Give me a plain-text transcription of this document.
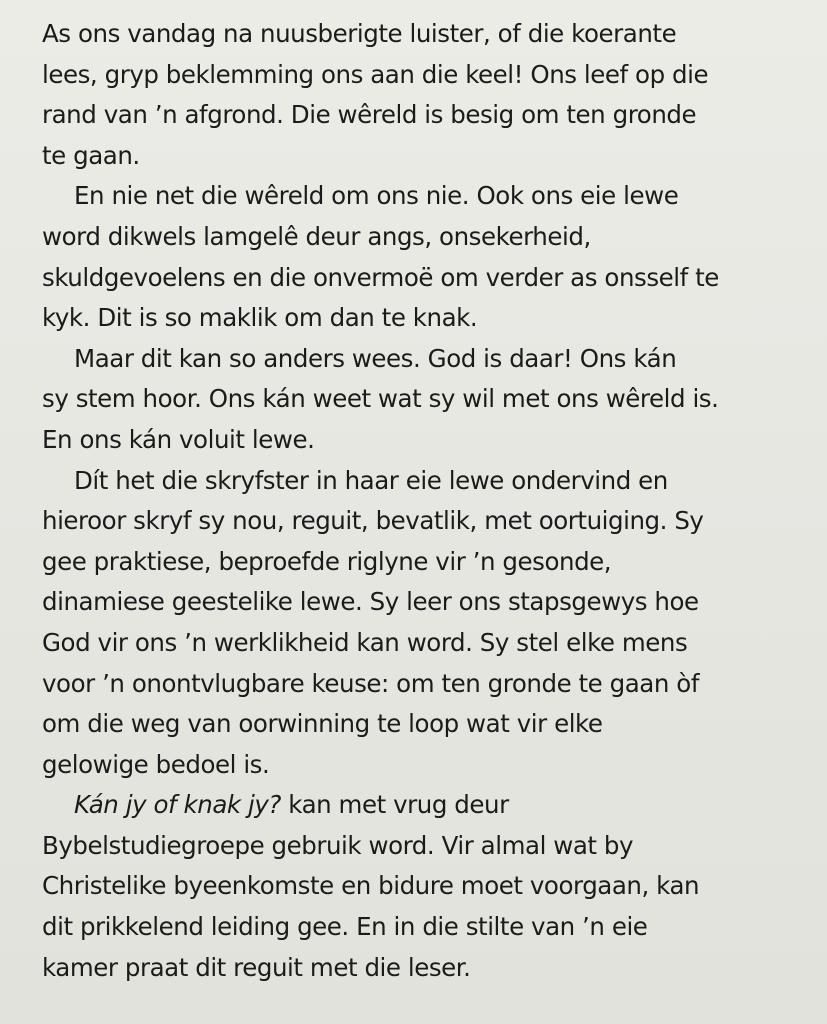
As ons vandag na nuusberigte luister, of die koerante
lees, gryp beklemming ons aan die keel! Ons leef op die
rand van ’n afgrond. Die wêreld is besig om ten gronde
te gaan.
En nie net die wêreld om ons nie. Ook ons eie lewe
word dikwels lamgelê deur angs, onsekerheid,
skuldgevoelens en die onvermoë om verder as onsself te
kyk. Dit is so maklik om dan te knak.
Maar dit kan so anders wees. God is daar! Ons kán
sy stem hoor. Ons kán weet wat sy wil met ons wêreld is.
En ons kán voluit lewe.
Dít het die skryfster in haar eie lewe ondervind en
hieroor skryf sy nou, reguit, bevatlik, met oortuiging. Sy
gee praktiese, beproefde riglyne vir ’n gesonde,
dinamiese geestelike lewe. Sy leer ons stapsgewys hoe
God vir ons ’n werklikheid kan word. Sy stel elke mens
voor ’n onontvlugbare keuse: om ten gronde te gaan òf
om die weg van oorwinning te loop wat vir elke
gelowige bedoel is.
Kán jy of knak jy? kan met vrug deur
Bybelstudiegroepe gebruik word. Vir almal wat by
Christelike byeenkomste en bidure moet voorgaan, kan
dit prikkelend leiding gee. En in die stilte van ’n eie
kamer praat dit reguit met die leser.
